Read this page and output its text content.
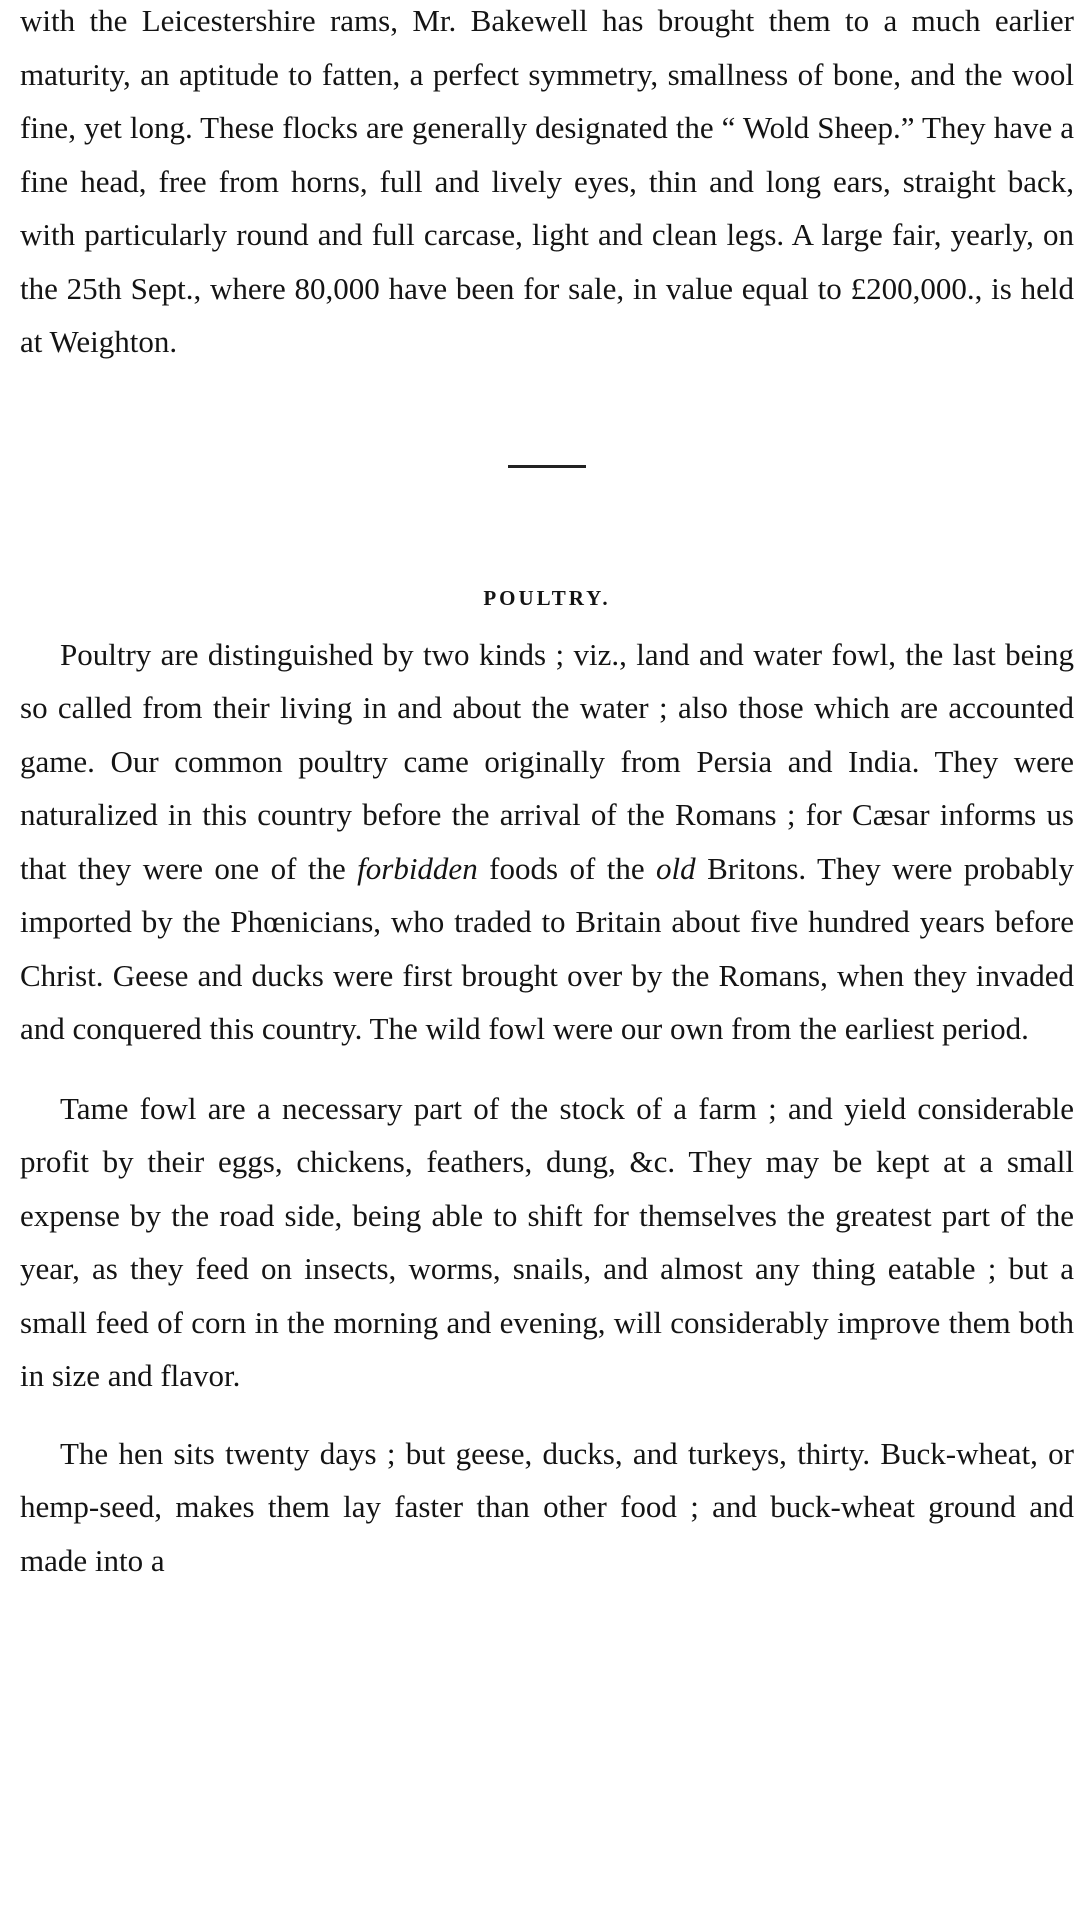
with the Leicestershire rams, Mr. Bakewell has brought them to a much earlier maturity, an aptitude to fatten, a perfect symmetry, smallness of bone, and the wool fine, yet long. These flocks are generally designated the “ Wold Sheep.” They have a fine head, free from horns, full and lively eyes, thin and long ears, straight back, with particularly round and full carcase, light and clean legs. A large fair, yearly, on the 25th Sept., where 80,000 have been for sale, in value equal to £200,000., is held at Weighton.

POULTRY.

Poultry are distinguished by two kinds ; viz., land and water fowl, the last being so called from their living in and about the water ; also those which are accounted game. Our common poultry came originally from Persia and India. They were naturalized in this country before the arrival of the Romans ; for Cæsar informs us that they were one of the forbidden foods of the old Britons. They were probably imported by the Phœnicians, who traded to Britain about five hundred years before Christ. Geese and ducks were first brought over by the Romans, when they invaded and conquered this country. The wild fowl were our own from the earliest period.

Tame fowl are a necessary part of the stock of a farm ; and yield considerable profit by their eggs, chickens, feathers, dung, &c. They may be kept at a small expense by the road side, being able to shift for themselves the greatest part of the year, as they feed on insects, worms, snails, and almost any thing eatable ; but a small feed of corn in the morning and evening, will considerably improve them both in size and flavor.

The hen sits twenty days ; but geese, ducks, and turkeys, thirty. Buck-wheat, or hemp-seed, makes them lay faster than other food ; and buck-wheat ground and made into a
